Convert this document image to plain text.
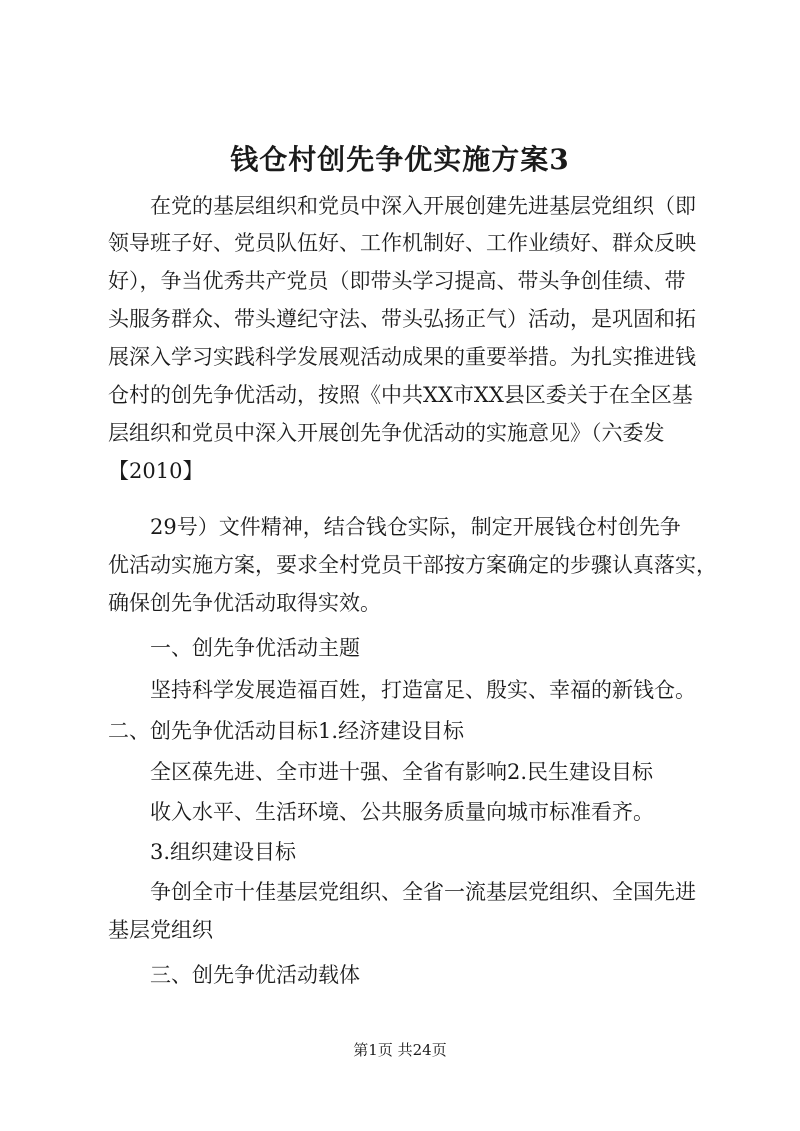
钱仓村创先争优实施方案3
在党的基层组织和党员中深入开展创建先进基层党组织（即
领导班子好、党员队伍好、工作机制好、工作业绩好、群众反映
好），争当优秀共产党员（即带头学习提高、带头争创佳绩、带
头服务群众、带头遵纪守法、带头弘扬正气）活动，是巩固和拓
展深入学习实践科学发展观活动成果的重要举措。为扎实推进钱
仓村的创先争优活动，按照《中共XX市XX县区委关于在全区基
层组织和党员中深入开展创先争优活动的实施意见》（六委发
【2010】
29号）文件精神，结合钱仓实际，制定开展钱仓村创先争
优活动实施方案，要求全村党员干部按方案确定的步骤认真落实，
确保创先争优活动取得实效。
一、创先争优活动主题
坚持科学发展造福百姓，打造富足、殷实、幸福的新钱仓。
二、创先争优活动目标1.经济建设目标
全区葆先进、全市进十强、全省有影响2.民生建设目标
收入水平、生活环境、公共服务质量向城市标准看齐。
3.组织建设目标
争创全市十佳基层党组织、全省一流基层党组织、全国先进
基层党组织
三、创先争优活动载体
第1页 共24页
